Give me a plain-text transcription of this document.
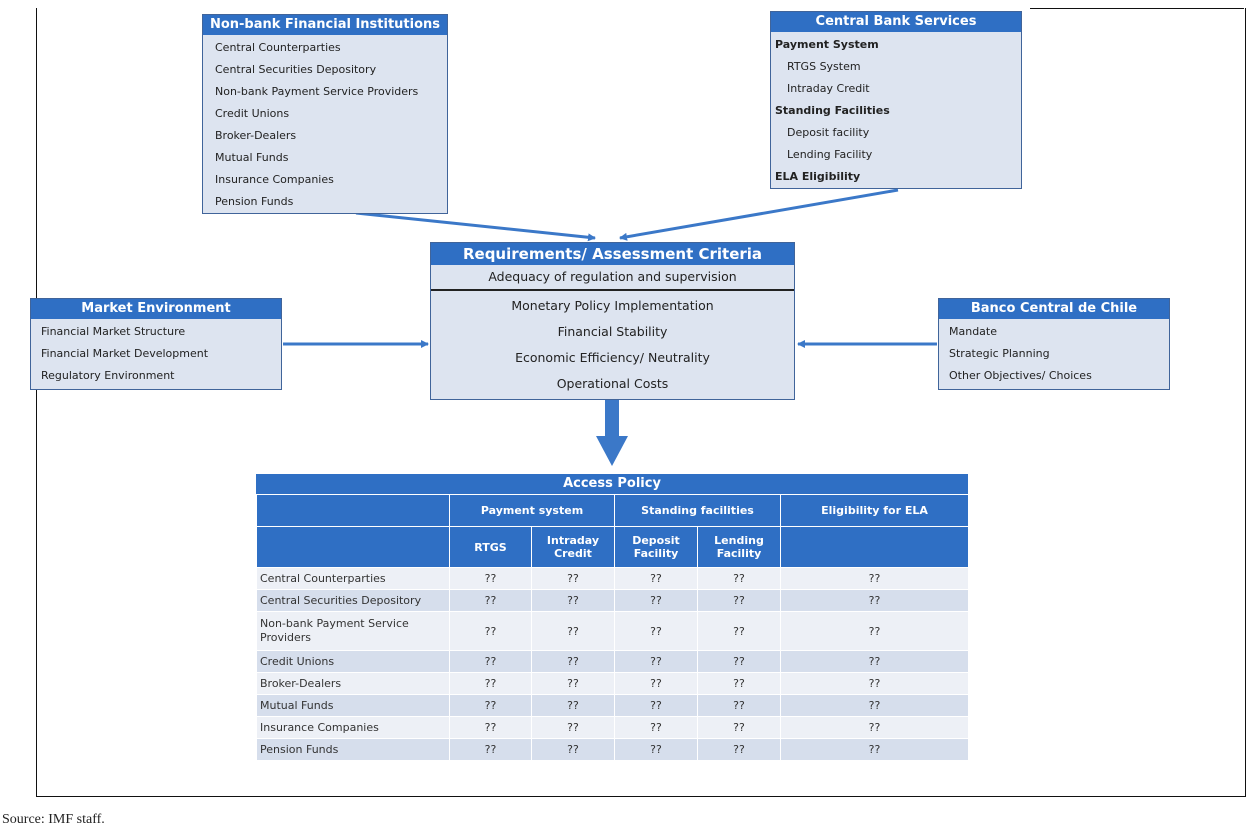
Non-bank Financial Institutions
Central Counterparties
Central Securities Depository
Non-bank Payment Service Providers
Credit Unions
Broker-Dealers
Mutual Funds
Insurance Companies
Pension Funds
Central Bank Services
Payment System
RTGS System
Intraday Credit
Standing Facilities
Deposit facility
Lending Facility
ELA Eligibility
Requirements/ Assessment Criteria
Adequacy of regulation and supervision
Monetary Policy Implementation
Financial Stability
Economic Efficiency/ Neutrality
Operational Costs
Market Environment
Financial Market Structure
Financial Market Development
Regulatory Environment
Banco Central de Chile
Mandate
Strategic Planning
Other Objectives/ Choices
Access Policy
	Payment system		Standing facilities		Eligibility for ELA
	RTGS	Intraday Credit	Deposit Facility	Lending Facility	
Central Counterparties	??	??	??	??	??
Central Securities Depository	??	??	??	??	??
Non-bank Payment Service Providers	??	??	??	??	??
Credit Unions	??	??	??	??	??
Broker-Dealers	??	??	??	??	??
Mutual Funds	??	??	??	??	??
Insurance Companies	??	??	??	??	??
Pension Funds	??	??	??	??	??
Source: IMF staff.
